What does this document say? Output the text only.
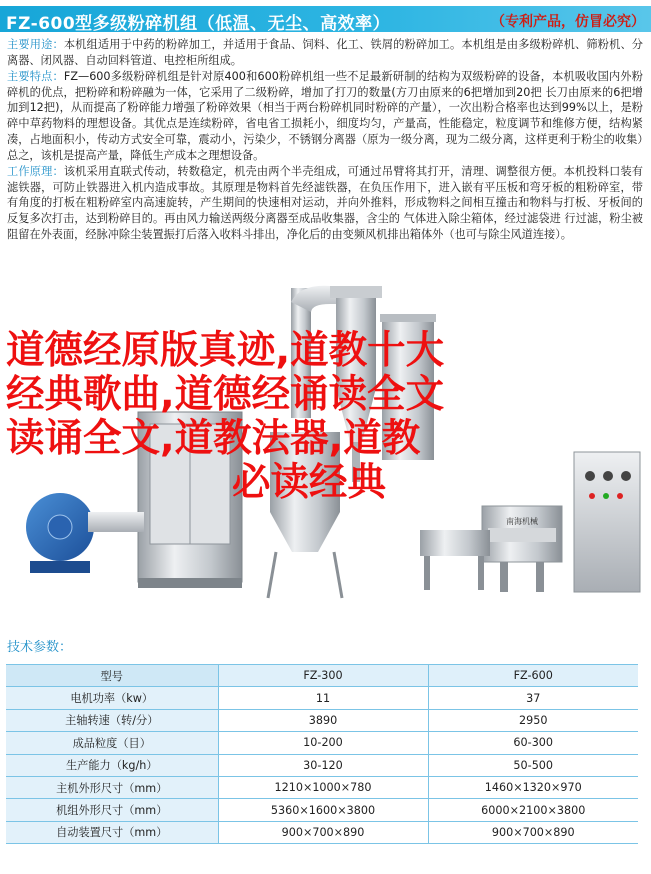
FZ-600型多级粉碎机组（低温、无尘、高效率）	（专利产品，仿冒必究）

主要用途：本机组适用于中药的粉碎加工，并适用于食品、饲料、化工、铁屑的粉碎加工。本机组是由多级粉碎机、筛粉机、分离器、闭风器、自动回料管道、电控柜所组成。

主要特点：FZ—600多级粉碎机组是针对原400和600粉碎机组一些不足最新研制的结构为双级粉碎的设备，本机吸收国内外粉碎机的优点，把粉碎和粉碎融为一体，它采用了二级粉碎，增加了打刀的数量(方刀由原来的6把增加到20把 长刀由原来的6把增加到12把)，从而提高了粉碎能力增强了粉碎效果（相当于两台粉碎机同时粉碎的产量），一次出粉合格率也达到99%以上，是粉碎中草药物料的理想设备。其优点是连续粉碎，省电省工损耗小，细度均匀，产量高，性能稳定，粒度调节和维修方便，结构紧凑，占地面积小，传动方式安全可靠，震动小，污染少，不锈钢分离器（原为一级分离，现为二级分离，这样更利于粉尘的收集）总之，该机是提高产量，降低生产成本之理想设备。

工作原理：该机采用直联式传动，转数稳定，机壳由两个半壳组成，可通过吊臂将其打开，清理、调整很方便。本机投料口装有滤铁器，可防止铁器进入机内造成事故。其原理是物料首先经滤铁器，在负压作用下，进入嵌有平压板和弯牙板的粗粉碎室，带有角度的打板在粗粉碎室内高速旋转，产生期间的快速相对运动，并向外推料，形成物料之间相互撞击和物料与打板、牙板间的反复多次打击，达到粉碎目的。再由风力输送两级分离器至成品收集器，含尘的 气体进入除尘箱体，经过滤袋进 行过滤，粉尘被阻留在外表面，经脉冲除尘装置振打后落入收料斗排出，净化后的由变频风机排出箱体外（也可与除尘风道连接）。

南海机械
道德经原版真迹,道教十大
经典歌曲,道德经诵读全文
读诵全文,道教法器,道教
必读经典
技术参数：
型号	FZ-300	FZ-600
电机功率（kw）	11	37
主轴转速（转/分）	3890	2950
成品粒度（目）	10-200	60-300
生产能力（kg/h）	30-120	50-500
主机外形尺寸（mm）	1210×1000×780	1460×1320×970
机组外形尺寸（mm）	5360×1600×3800	6000×2100×3800
自动装置尺寸（mm）	900×700×890	900×700×890
